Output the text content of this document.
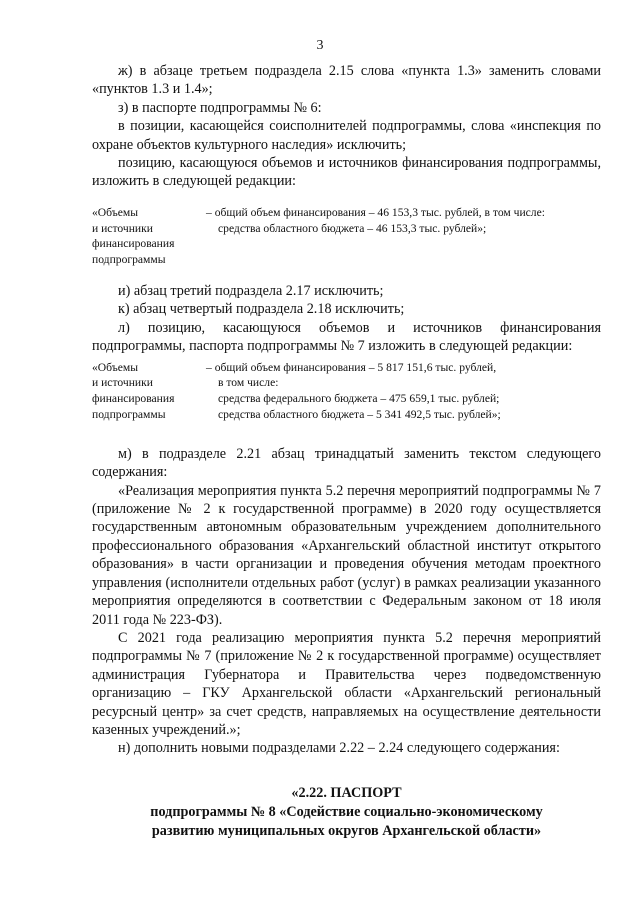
3

ж) в абзаце третьем подраздела 2.15 слова «пункта 1.3» заменить словами «пунктов 1.3 и 1.4»;

з) в паспорте подпрограммы № 6:

в позиции, касающейся соисполнителей подпрограммы, слова «инспекция по охране объектов культурного наследия» исключить;

позицию, касающуюся объемов и источников финансирования подпрограммы, изложить в следующей редакции:

«Объемы
и источники
финансирования
подпрограммы
– общий объем финансирования – 46 153,3 тыс. рублей, в том числе:
средства областного бюджета – 46 153,3 тыс. рублей»;

и) абзац третий подраздела 2.17 исключить;

к) абзац четвертый подраздела 2.18 исключить;

л) позицию, касающуюся объемов и источников финансирования подпрограммы, паспорта подпрограммы № 7 изложить в следующей редакции:

«Объемы
и источники
финансирования
подпрограммы
– общий объем финансирования – 5 817 151,6 тыс. рублей,
в том числе:
средства федерального бюджета – 475 659,1 тыс. рублей;
средства областного бюджета – 5 341 492,5 тыс. рублей»;

м) в подразделе 2.21 абзац тринадцатый заменить текстом следующего содержания:

«Реализация мероприятия пункта 5.2 перечня мероприятий подпрограммы № 7 (приложение № 2 к государственной программе) в 2020 году осуществляется государственным автономным образовательным учреждением дополнительного профессионального образования «Архангельский областной институт открытого образования» в части организации и проведения обучения методам проектного управления (исполнители отдельных работ (услуг) в рамках реализации указанного мероприятия определяются в соответствии с Федеральным законом от 18 июля 2011 года № 223-ФЗ).

С 2021 года реализацию мероприятия пункта 5.2 перечня мероприятий подпрограммы № 7 (приложение № 2 к государственной программе) осуществляет администрация Губернатора и Правительства через подведомственную организацию – ГКУ Архангельской области «Архангельский региональный ресурсный центр» за счет средств, направляемых на осуществление деятельности казенных учреждений.»;

н) дополнить новыми подразделами 2.22 – 2.24 следующего содержания:

«2.22. ПАСПОРТ
подпрограммы № 8 «Содействие социально-экономическому
развитию муниципальных округов Архангельской области»
